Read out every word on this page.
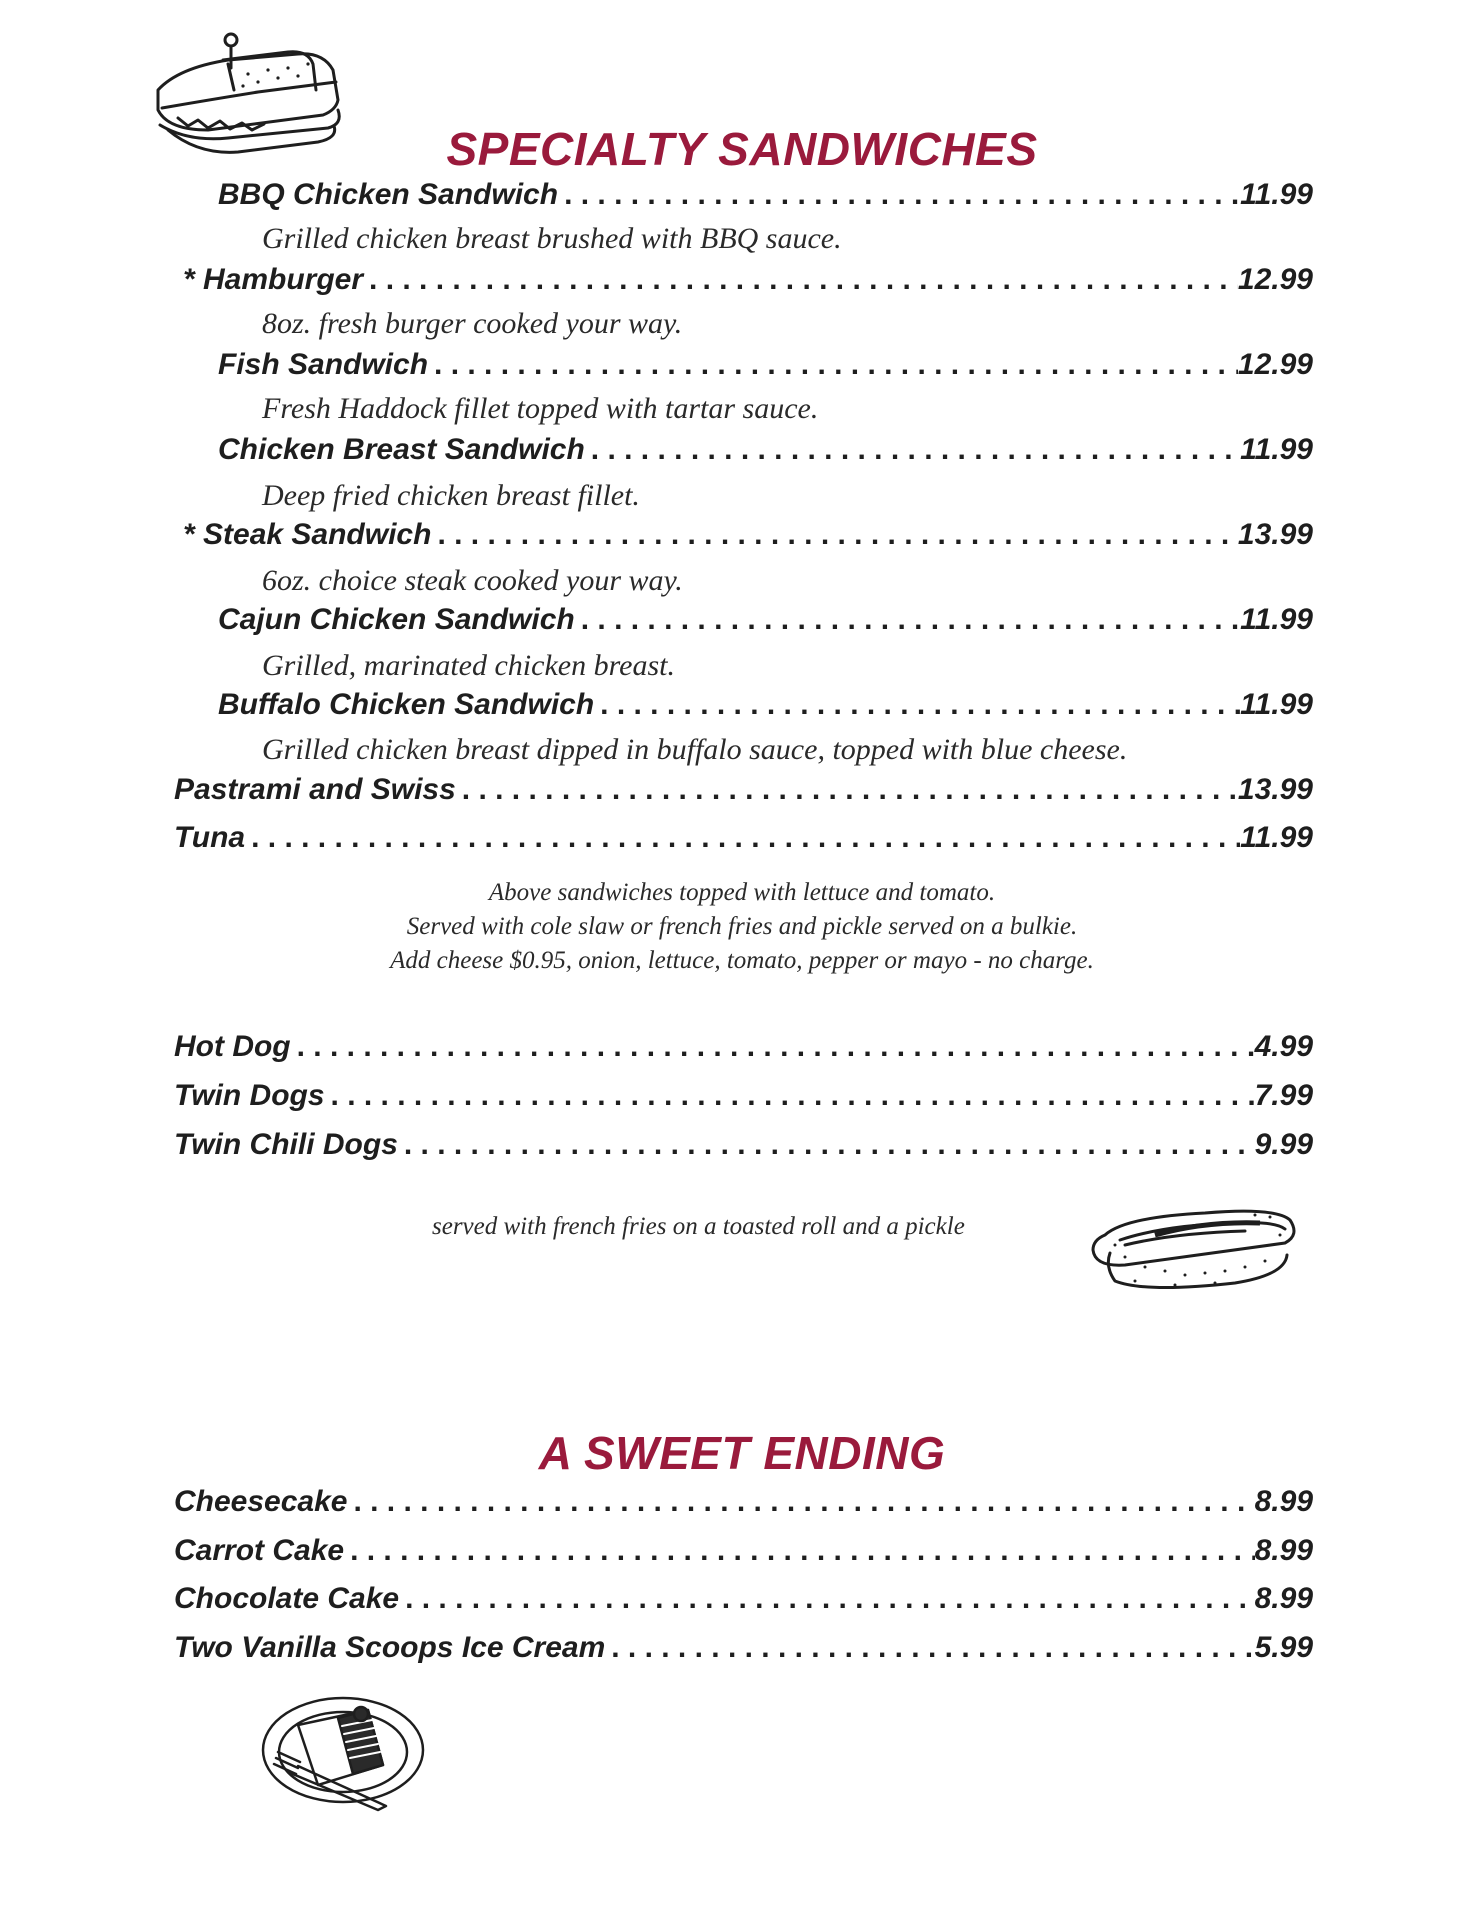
SPECIALTY SANDWICHES
BBQ Chicken Sandwich . . .	11.99
Grilled chicken breast brushed with BBQ sauce.
* Hamburger . . .	12.99
8oz. fresh burger cooked your way.
Fish Sandwich . . .	12.99
Fresh Haddock fillet topped with tartar sauce.
Chicken Breast Sandwich . . .	11.99
Deep fried chicken breast fillet.
* Steak Sandwich . . .	13.99
6oz. choice steak cooked your way.
Cajun Chicken Sandwich . . .	11.99
Grilled, marinated chicken breast.
Buffalo Chicken Sandwich . . .	11.99
Grilled chicken breast dipped in buffalo sauce, topped with blue cheese.
Pastrami and Swiss . . .	13.99
Tuna . . .	11.99
Above sandwiches topped with lettuce and tomato.
Served with cole slaw or french fries and pickle served on a bulkie.
Add cheese $0.95, onion, lettuce, tomato, pepper or mayo - no charge.
Hot Dog . . .	4.99
Twin Dogs . . .	7.99
Twin Chili Dogs . . .	9.99
served with french fries on a toasted roll and a pickle
A SWEET ENDING
Cheesecake . . .	8.99
Carrot Cake . . .	8.99
Chocolate Cake . . .	8.99
Two Vanilla Scoops Ice Cream . . .	5.99
